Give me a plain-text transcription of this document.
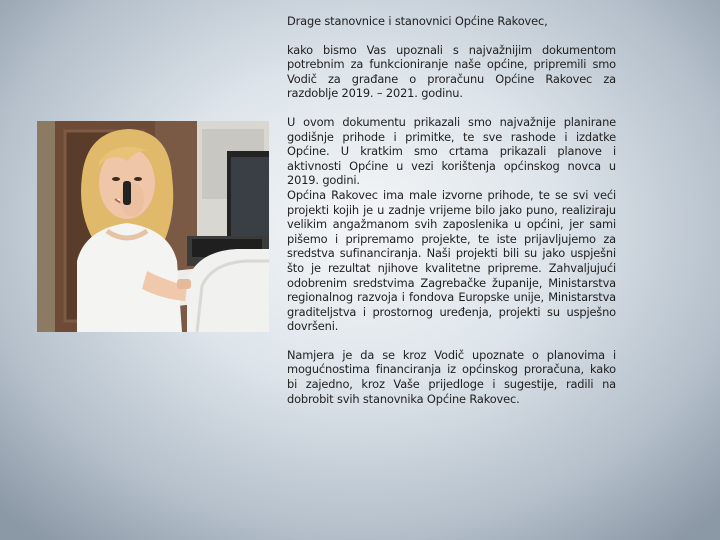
Drage stanovnice i stanovnici Općine Rakovec,

kako bismo Vas upoznali s najvažnijim dokumentom potrebnim za funkcioniranje naše općine, pripremili smo Vodič za građane o proračunu Općine Rakovec za razdoblje 2019. – 2021. godinu.

U ovom dokumentu prikazali smo najvažnije planirane godišnje prihode i primitke, te sve rashode i izdatke Općine. U kratkim smo crtama prikazali planove i aktivnosti Općine u vezi korištenja općinskog novca u 2019. godini.

Općina Rakovec ima male izvorne prihode, te se svi veći projekti kojih je u zadnje vrijeme bilo jako puno, realiziraju velikim angažmanom svih zaposlenika u općini, jer sami pišemo i pripremamo projekte, te iste prijavljujemo za sredstva sufinanciranja. Naši projekti bili su jako uspješni što je rezultat njihove kvalitetne pripreme. Zahvaljujući odobrenim sredstvima Zagrebačke županije, Ministarstva regionalnog razvoja i fondova Europske unije, Ministarstva graditeljstva i prostornog uređenja, projekti su uspješno dovršeni.

Namjera je da se kroz Vodič upoznate o planovima i mogućnostima financiranja iz općinskog proračuna, kako bi zajedno, kroz Vaše prijedloge i sugestije, radili na dobrobit svih stanovnika Općine Rakovec.
